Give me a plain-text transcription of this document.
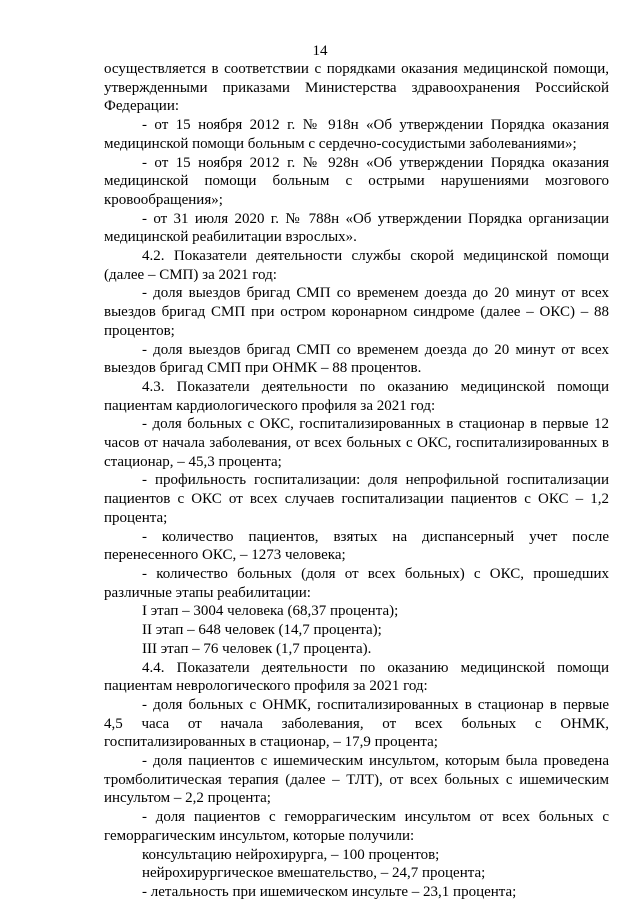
14

осуществляется в соответствии с порядками оказания медицинской помощи, утвержденными приказами Министерства здравоохранения Российской Федерации:

- от 15 ноября 2012 г. № 918н «Об утверждении Порядка оказания медицинской помощи больным с сердечно-сосудистыми заболеваниями»;

- от 15 ноября 2012 г. № 928н «Об утверждении Порядка оказания медицинской помощи больным с острыми нарушениями мозгового кровообращения»;

- от 31 июля 2020 г. № 788н «Об утверждении Порядка организации медицинской реабилитации взрослых».

4.2. Показатели деятельности службы скорой медицинской помощи (далее – СМП) за 2021 год:

- доля выездов бригад СМП со временем доезда до 20 минут от всех выездов бригад СМП при остром коронарном синдроме (далее – ОКС) – 88 процентов;

- доля выездов бригад СМП со временем доезда до 20 минут от всех выездов бригад СМП при ОНМК – 88 процентов.

4.3. Показатели деятельности по оказанию медицинской помощи пациентам кардиологического профиля за 2021 год:

- доля больных с ОКС, госпитализированных в стационар в первые 12 часов от начала заболевания, от всех больных с ОКС, госпитализированных в стационар, – 45,3 процента;

- профильность госпитализации: доля непрофильной госпитализации пациентов с ОКС от всех случаев госпитализации пациентов с ОКС – 1,2 процента;

- количество пациентов, взятых на диспансерный учет после перенесенного ОКС, – 1273 человека;

- количество больных (доля от всех больных) с ОКС, прошедших различные этапы реабилитации:

I этап – 3004 человека (68,37 процента);

II этап – 648 человек (14,7 процента);

III этап – 76 человек (1,7 процента).

4.4. Показатели деятельности по оказанию медицинской помощи пациентам неврологического профиля за 2021 год:

- доля больных с ОНМК, госпитализированных в стационар в первые 4,5 часа от начала заболевания, от всех больных с ОНМК, госпитализированных в стационар, – 17,9 процента;

- доля пациентов с ишемическим инсультом, которым была проведена тромболитическая терапия (далее – ТЛТ), от всех больных с ишемическим инсультом – 2,2 процента;

- доля пациентов с геморрагическим инсультом от всех больных с геморрагическим инсультом, которые получили:

консультацию нейрохирурга, – 100 процентов;

нейрохирургическое вмешательство, – 24,7 процента;

- летальность при ишемическом инсульте – 23,1 процента;
